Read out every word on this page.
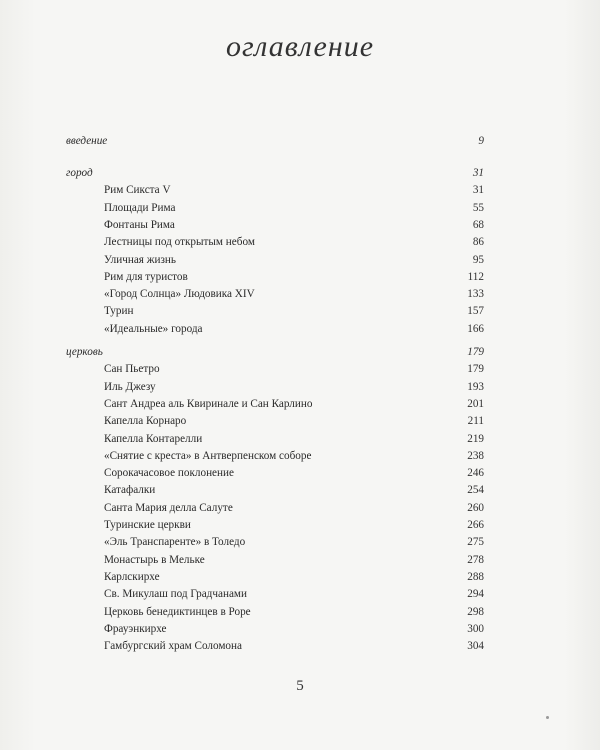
оглавление
введение	9
город	31
Рим Сикста V	31
Площади Рима	55
Фонтаны Рима	68
Лестницы под открытым небом	86
Уличная жизнь	95
Рим для туристов	112
«Город Солнца» Людовика XIV	133
Турин	157
«Идеальные» города	166
церковь	179
Сан Пьетро	179
Иль Джезу	193
Сант Андреа аль Квиринале и Сан Карлино	201
Капелла Корнаро	211
Капелла Контарелли	219
«Снятие с креста» в Антверпенском соборе	238
Сорокачасовое поклонение	246
Катафалки	254
Санта Мария делла Салуте	260
Туринские церкви	266
«Эль Транспаренте» в Толедо	275
Монастырь в Мельке	278
Карлскирхе	288
Св. Микулаш под Градчанами	294
Церковь бенедиктинцев в Роре	298
Фрауэнкирхе	300
Гамбургский храм Соломона	304
5
